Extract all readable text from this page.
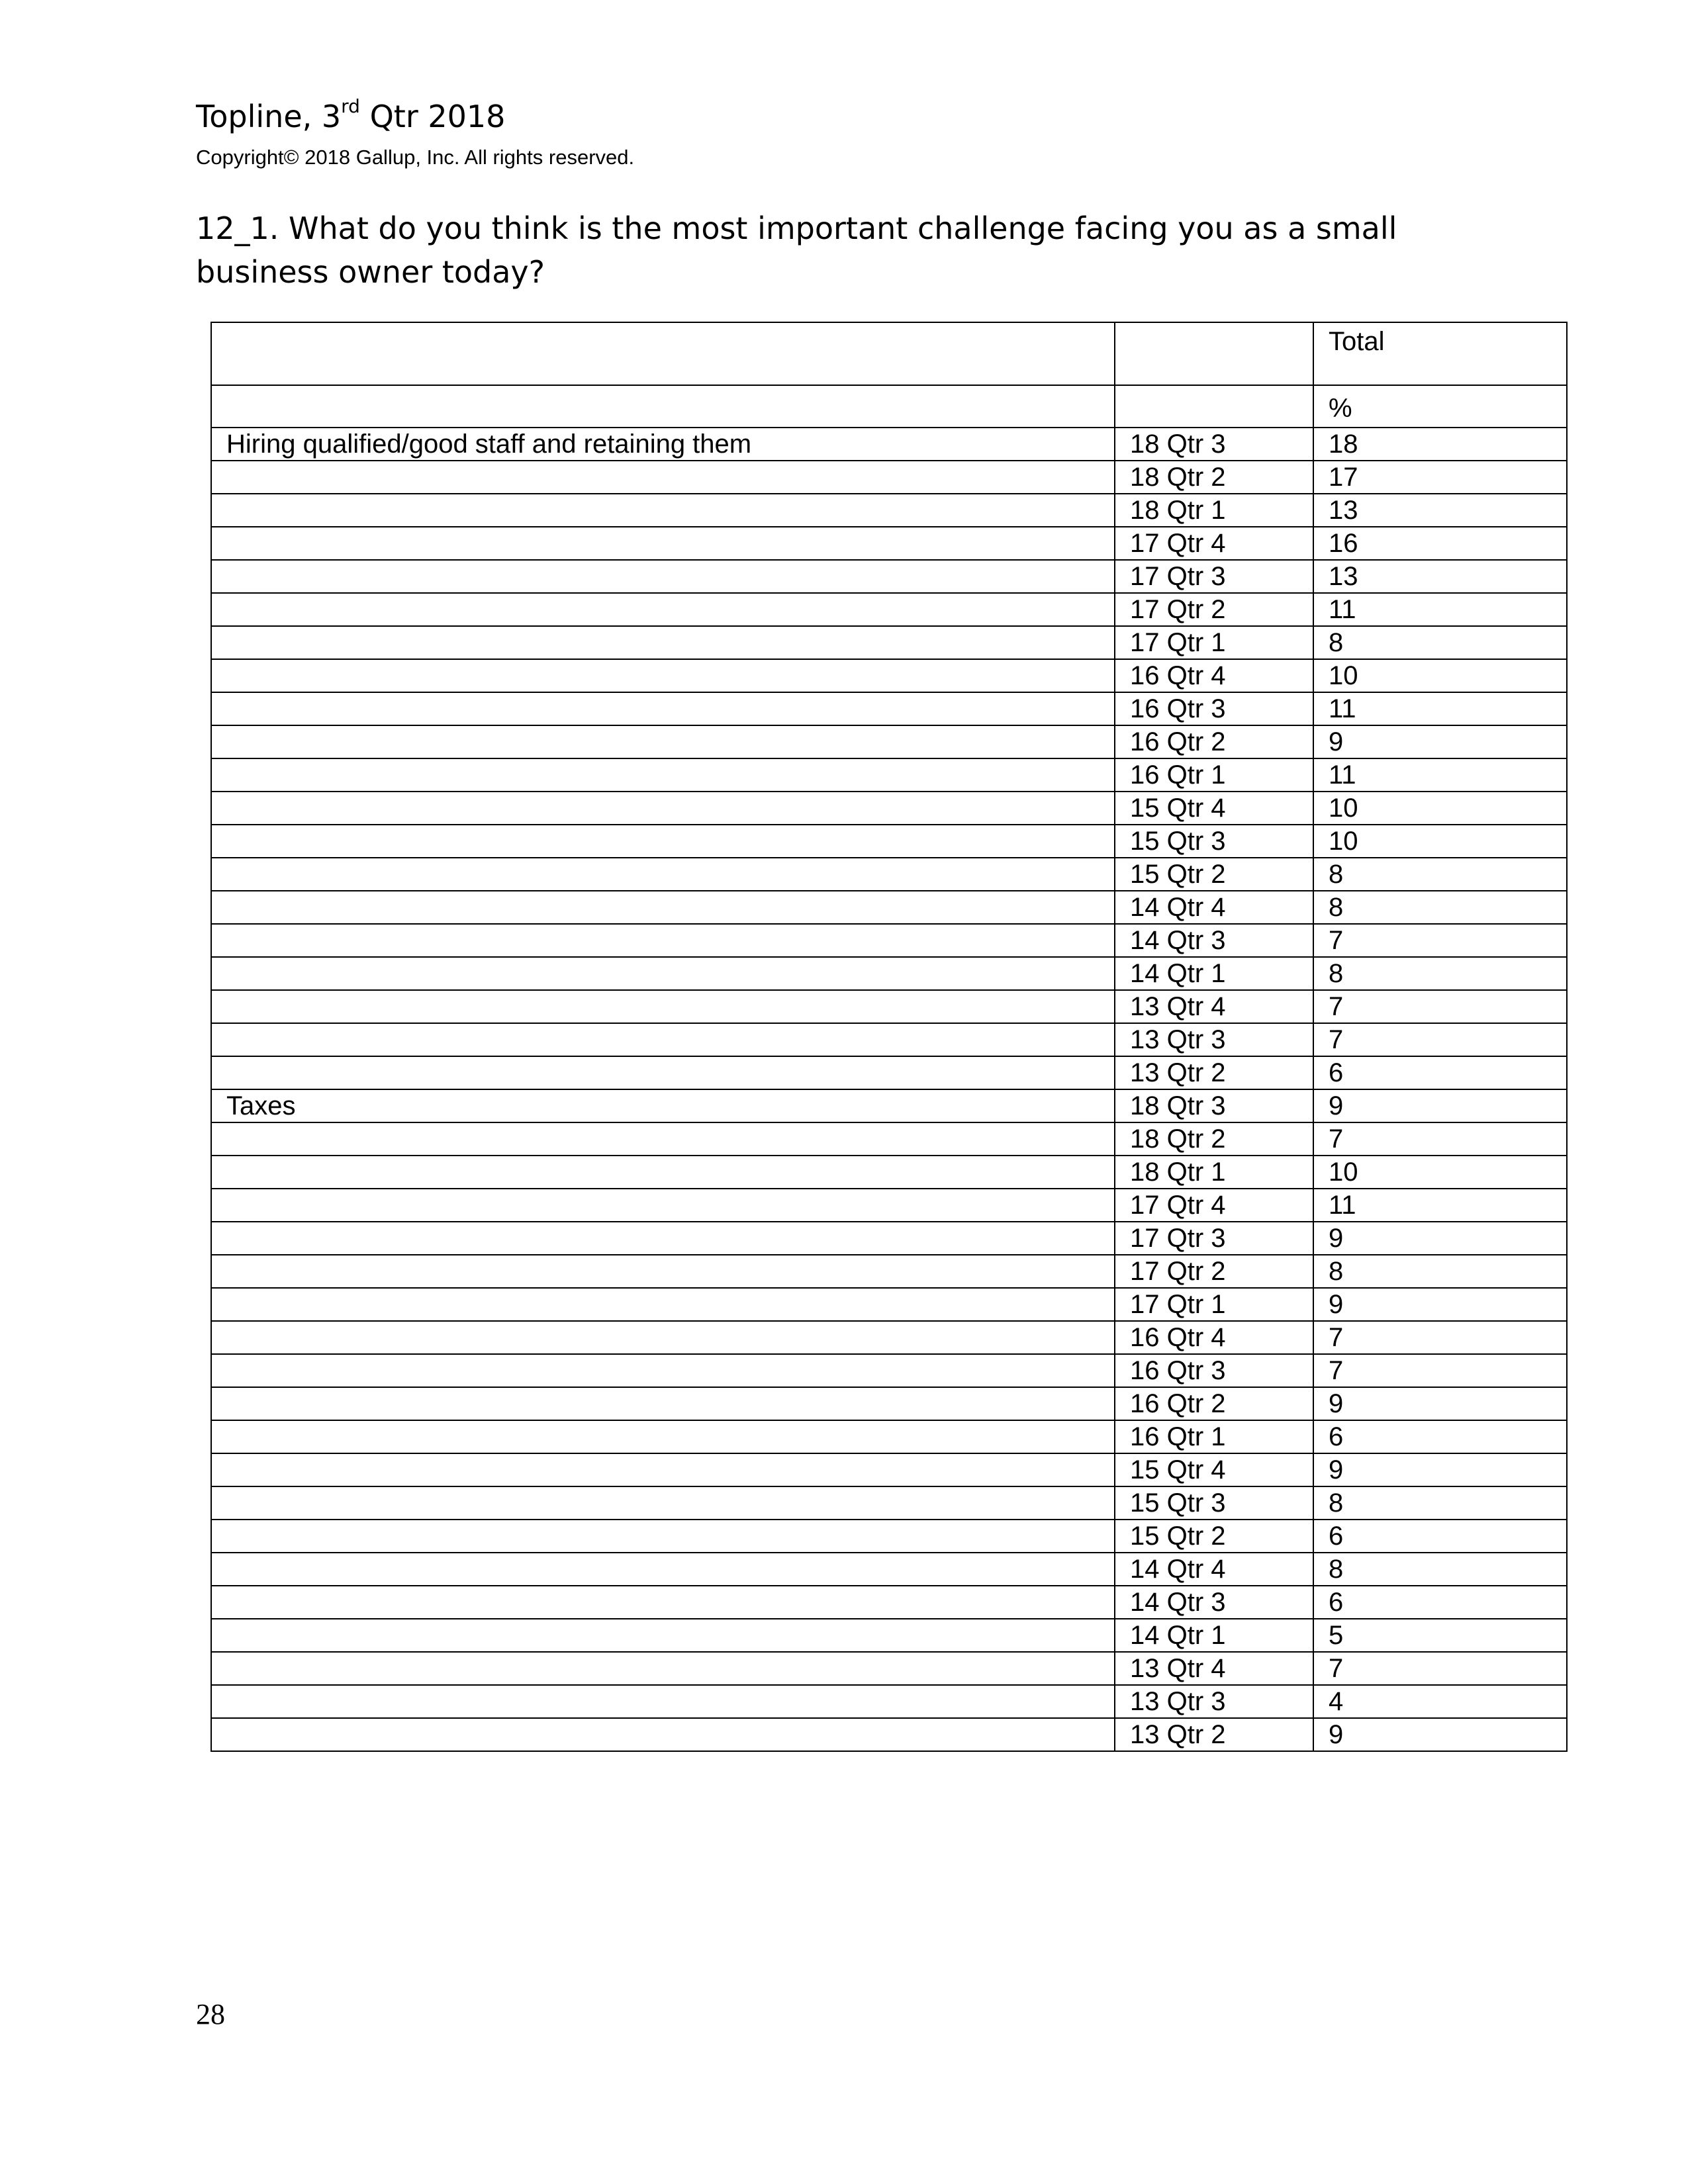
Topline, 3rd Qtr 2018
Copyright© 2018 Gallup, Inc. All rights reserved.
12_1. What do you think is the most important challenge facing you as a small business owner today?
		Total
		%
Hiring qualified/good staff and retaining them	18 Qtr 3	18
	18 Qtr 2	17
	18 Qtr 1	13
	17 Qtr 4	16
	17 Qtr 3	13
	17 Qtr 2	11
	17 Qtr 1	8
	16 Qtr 4	10
	16 Qtr 3	11
	16 Qtr 2	9
	16 Qtr 1	11
	15 Qtr 4	10
	15 Qtr 3	10
	15 Qtr 2	8
	14 Qtr 4	8
	14 Qtr 3	7
	14 Qtr 1	8
	13 Qtr 4	7
	13 Qtr 3	7
	13 Qtr 2	6
Taxes	18 Qtr 3	9
	18 Qtr 2	7
	18 Qtr 1	10
	17 Qtr 4	11
	17 Qtr 3	9
	17 Qtr 2	8
	17 Qtr 1	9
	16 Qtr 4	7
	16 Qtr 3	7
	16 Qtr 2	9
	16 Qtr 1	6
	15 Qtr 4	9
	15 Qtr 3	8
	15 Qtr 2	6
	14 Qtr 4	8
	14 Qtr 3	6
	14 Qtr 1	5
	13 Qtr 4	7
	13 Qtr 3	4
	13 Qtr 2	9
28
